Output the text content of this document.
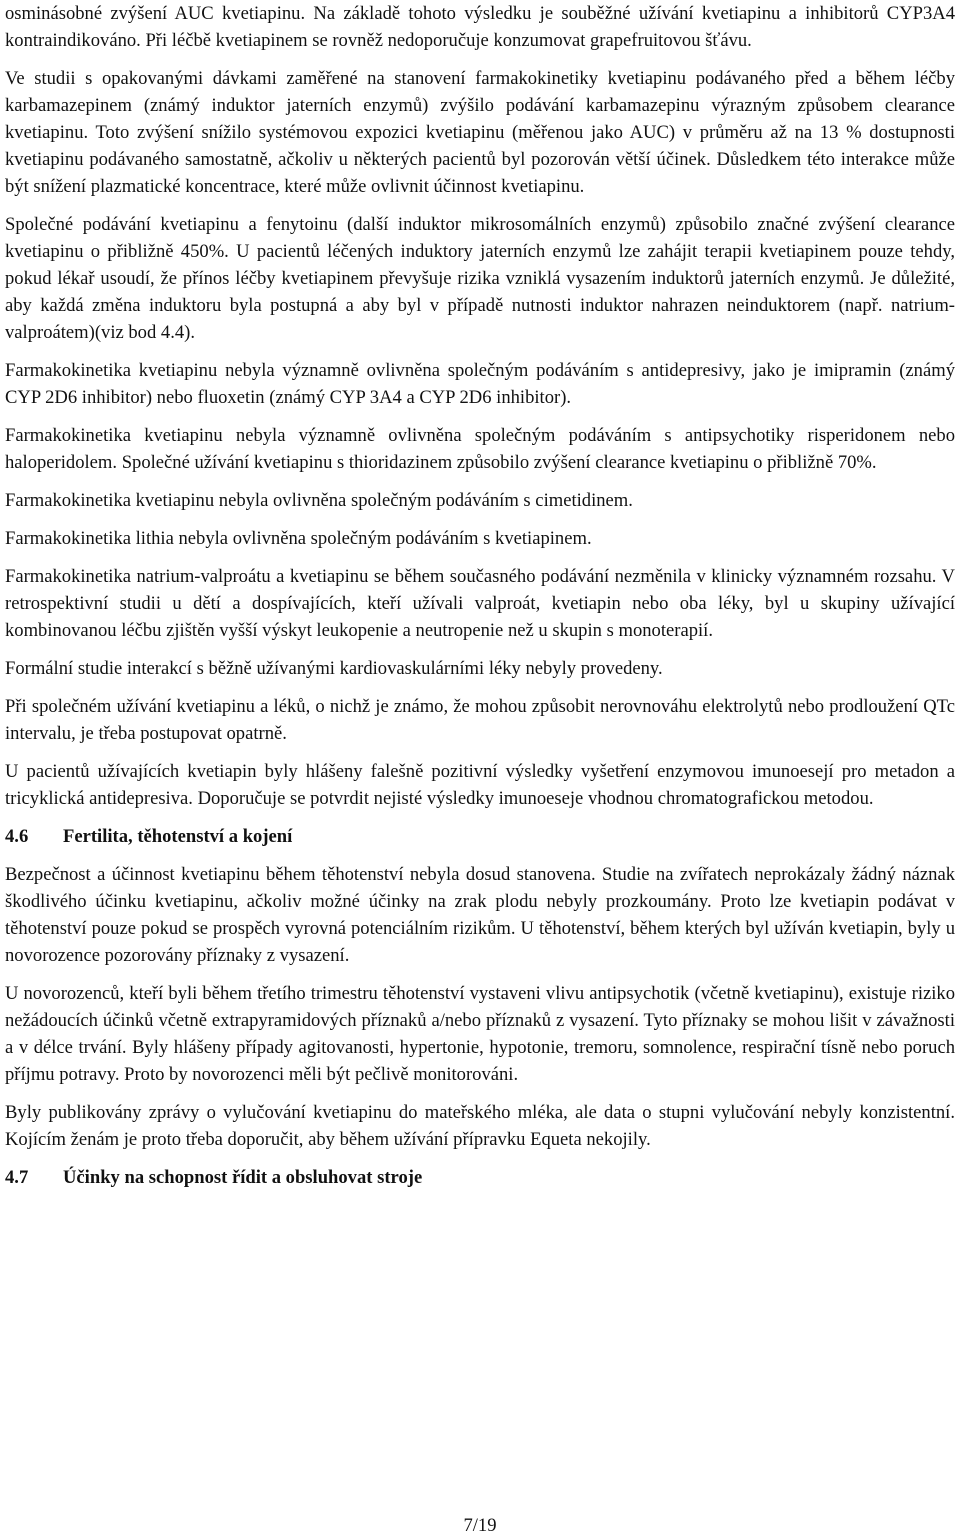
osminásobné zvýšení AUC kvetiapinu. Na základě tohoto výsledku je souběžné užívání kvetiapinu a inhibitorů CYP3A4 kontraindikováno. Při léčbě kvetiapinem se rovněž nedoporučuje konzumovat grapefruitovou šťávu.

Ve studii s opakovanými dávkami zaměřené na stanovení farmakokinetiky kvetiapinu podávaného před a během léčby karbamazepinem (známý induktor jaterních enzymů) zvýšilo podávání karbamazepinu výrazným způsobem clearance kvetiapinu. Toto zvýšení snížilo systémovou expozici kvetiapinu (měřenou jako AUC) v průměru až na 13 % dostupnosti kvetiapinu podávaného samostatně, ačkoliv u některých pacientů byl pozorován větší účinek. Důsledkem této interakce může být snížení plazmatické koncentrace, které může ovlivnit účinnost kvetiapinu.

Společné podávání kvetiapinu a fenytoinu (další induktor mikrosomálních enzymů) způsobilo značné zvýšení clearance kvetiapinu o přibližně 450%. U pacientů léčených induktory jaterních enzymů lze zahájit terapii kvetiapinem pouze tehdy, pokud lékař usoudí, že přínos léčby kvetiapinem převyšuje rizika vzniklá vysazením induktorů jaterních enzymů. Je důležité, aby každá změna induktoru byla postupná a aby byl v případě nutnosti induktor nahrazen neinduktorem (např. natrium-valproátem)(viz bod 4.4).

Farmakokinetika kvetiapinu nebyla významně ovlivněna společným podáváním s antidepresivy, jako je imipramin (známý CYP 2D6 inhibitor) nebo fluoxetin (známý CYP 3A4 a CYP 2D6 inhibitor).

Farmakokinetika kvetiapinu nebyla významně ovlivněna společným podáváním s antipsychotiky risperidonem nebo haloperidolem. Společné užívání kvetiapinu s thioridazinem způsobilo zvýšení clearance kvetiapinu o přibližně 70%.

Farmakokinetika kvetiapinu nebyla ovlivněna společným podáváním s cimetidinem.

Farmakokinetika lithia nebyla ovlivněna společným podáváním s kvetiapinem.

Farmakokinetika natrium-valproátu a kvetiapinu se během současného podávání nezměnila v klinicky významném rozsahu. V retrospektivní studii u dětí a dospívajících, kteří užívali valproát, kvetiapin nebo oba léky, byl u skupiny užívající kombinovanou léčbu zjištěn vyšší výskyt leukopenie a neutropenie než u skupin s monoterapií.

Formální studie interakcí s běžně užívanými kardiovaskulárními léky nebyly provedeny.

Při společném užívání kvetiapinu a léků, o nichž je známo, že mohou způsobit nerovnováhu elektrolytů nebo prodloužení QTc intervalu, je třeba postupovat opatrně.

U pacientů užívajících kvetiapin byly hlášeny falešně pozitivní výsledky vyšetření enzymovou imunoesejí pro metadon a tricyklická antidepresiva. Doporučuje se potvrdit nejisté výsledky imunoeseje vhodnou chromatografickou metodou.

4.6	Fertilita, těhotenství a kojení

Bezpečnost a účinnost kvetiapinu během těhotenství nebyla dosud stanovena. Studie na zvířatech neprokázaly žádný náznak škodlivého účinku kvetiapinu, ačkoliv možné účinky na zrak plodu nebyly prozkoumány. Proto lze kvetiapin podávat v těhotenství pouze pokud se prospěch vyrovná potenciálním rizikům. U těhotenství, během kterých byl užíván kvetiapin, byly u novorozence pozorovány příznaky z vysazení.

U novorozenců, kteří byli během třetího trimestru těhotenství vystaveni vlivu antipsychotik (včetně kvetiapinu), existuje riziko nežádoucích účinků včetně extrapyramidových příznaků a/nebo příznaků z vysazení. Tyto příznaky se mohou lišit v závažnosti a v délce trvání. Byly hlášeny případy agitovanosti, hypertonie, hypotonie, tremoru, somnolence, respirační tísně nebo poruch příjmu potravy. Proto by novorozenci měli být pečlivě monitorováni.

Byly publikovány zprávy o vylučování kvetiapinu do mateřského mléka, ale data o stupni vylučování nebyly konzistentní. Kojícím ženám je proto třeba doporučit, aby během užívání přípravku Equeta nekojily.

4.7	Účinky na schopnost řídit a obsluhovat stroje
7/19
